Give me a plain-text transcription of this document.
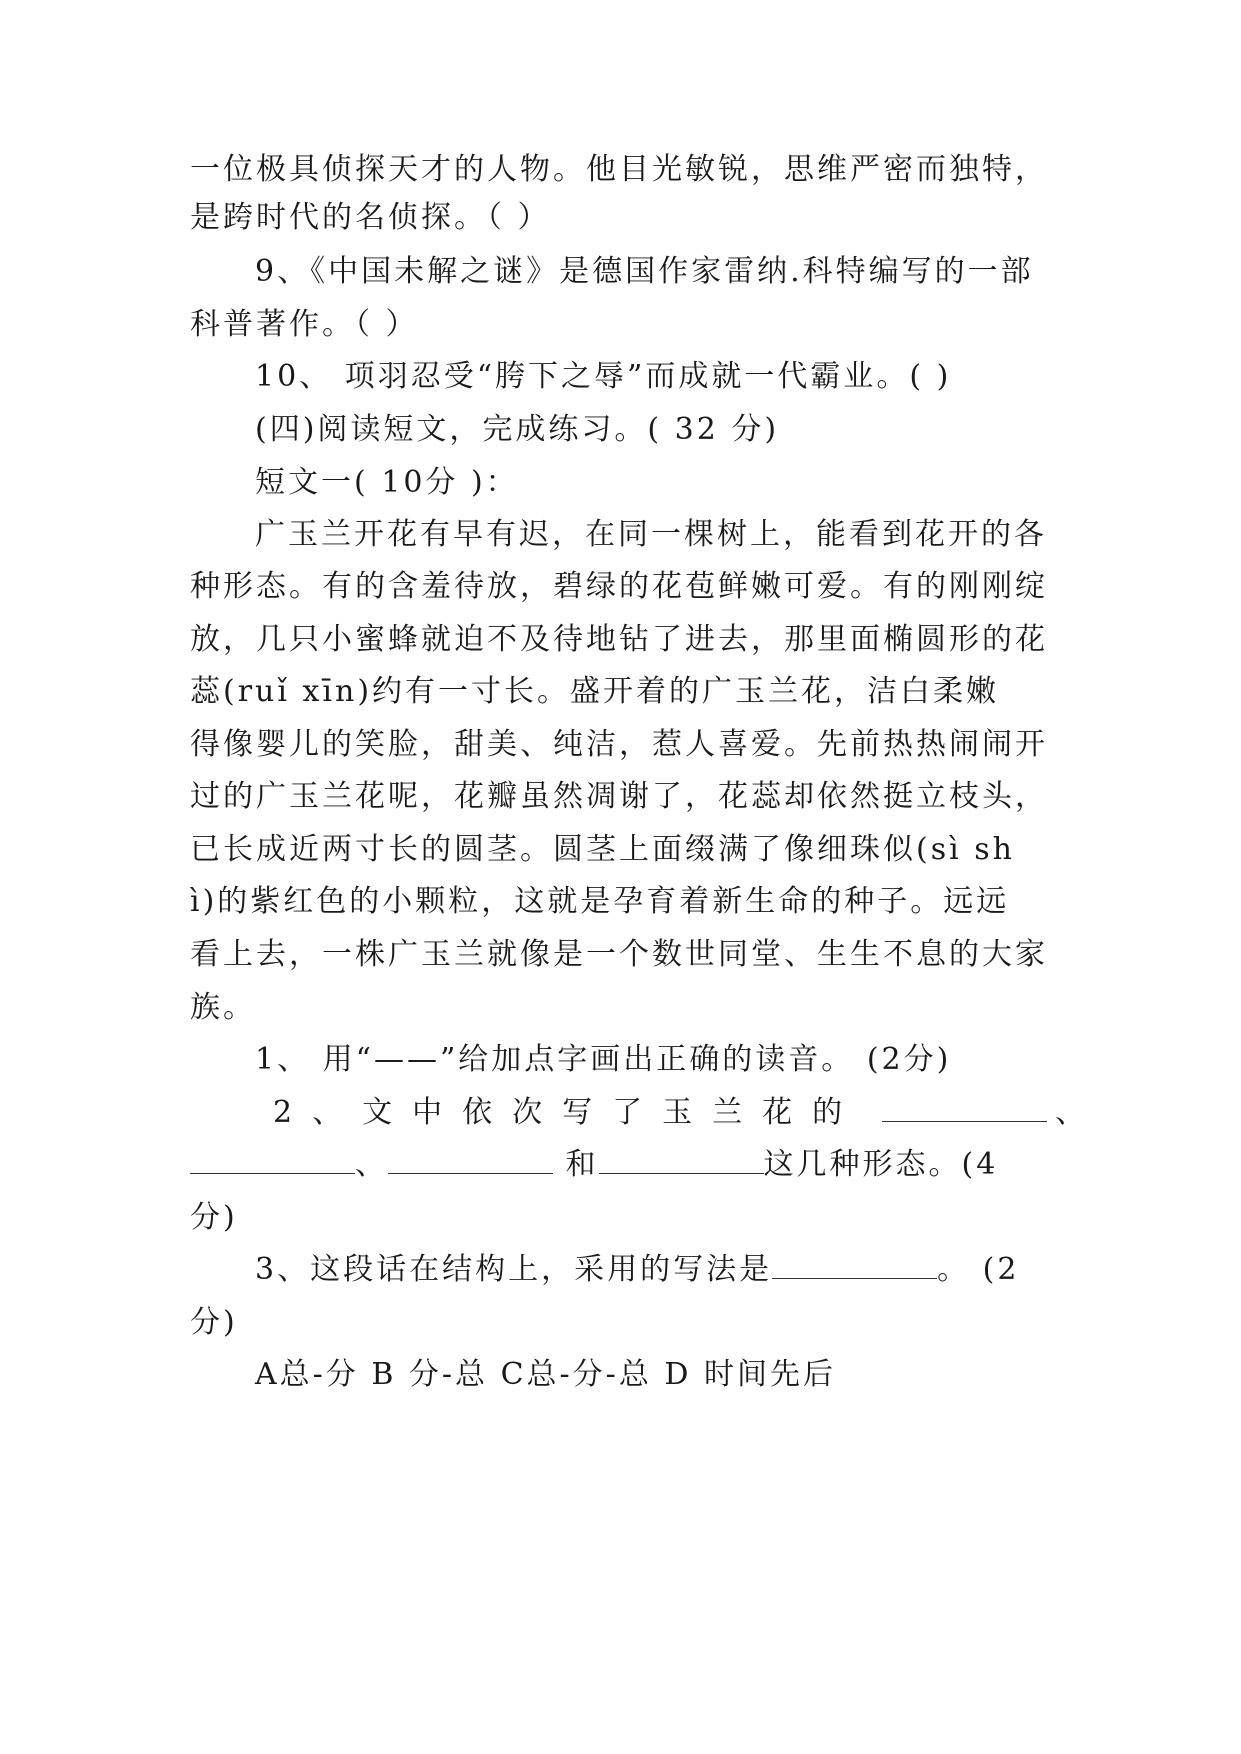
一位极具侦探天才的人物。他目光敏锐，思维严密而独特，
是跨时代的名侦探。（ ）
9、《中国未解之谜》是德国作家雷纳.科特编写的一部
科普著作。（ ）
10、 项羽忍受“胯下之辱”而成就一代霸业。( )
(四)阅读短文，完成练习。( 32 分)
短文一( 10分 )：
广玉兰开花有早有迟，在同一棵树上，能看到花开的各
种形态。有的含羞待放，碧绿的花苞鲜嫩可爱。有的刚刚绽
放，几只小蜜蜂就迫不及待地钻了进去，那里面椭圆形的花
蕊(ruǐ xīn)约有一寸长。盛开着的广玉兰花，洁白柔嫩
得像婴儿的笑脸，甜美、纯洁，惹人喜爱。先前热热闹闹开
过的广玉兰花呢，花瓣虽然凋谢了，花蕊却依然挺立枝头，
已长成近两寸长的圆茎。圆茎上面缀满了像细珠似(sì sh
ì)的紫红色的小颗粒，这就是孕育着新生命的种子。远远
看上去，一株广玉兰就像是一个数世同堂、生生不息的大家
族。
1、 用“——”给加点字画出正确的读音。 (2分)
2、文中依次写了玉兰花的	、
、	和	这几种形态。(4
分)
3、这段话在结构上，采用的写法是	。 (2
分)
A总-分 B 分-总 C总-分-总 D 时间先后
